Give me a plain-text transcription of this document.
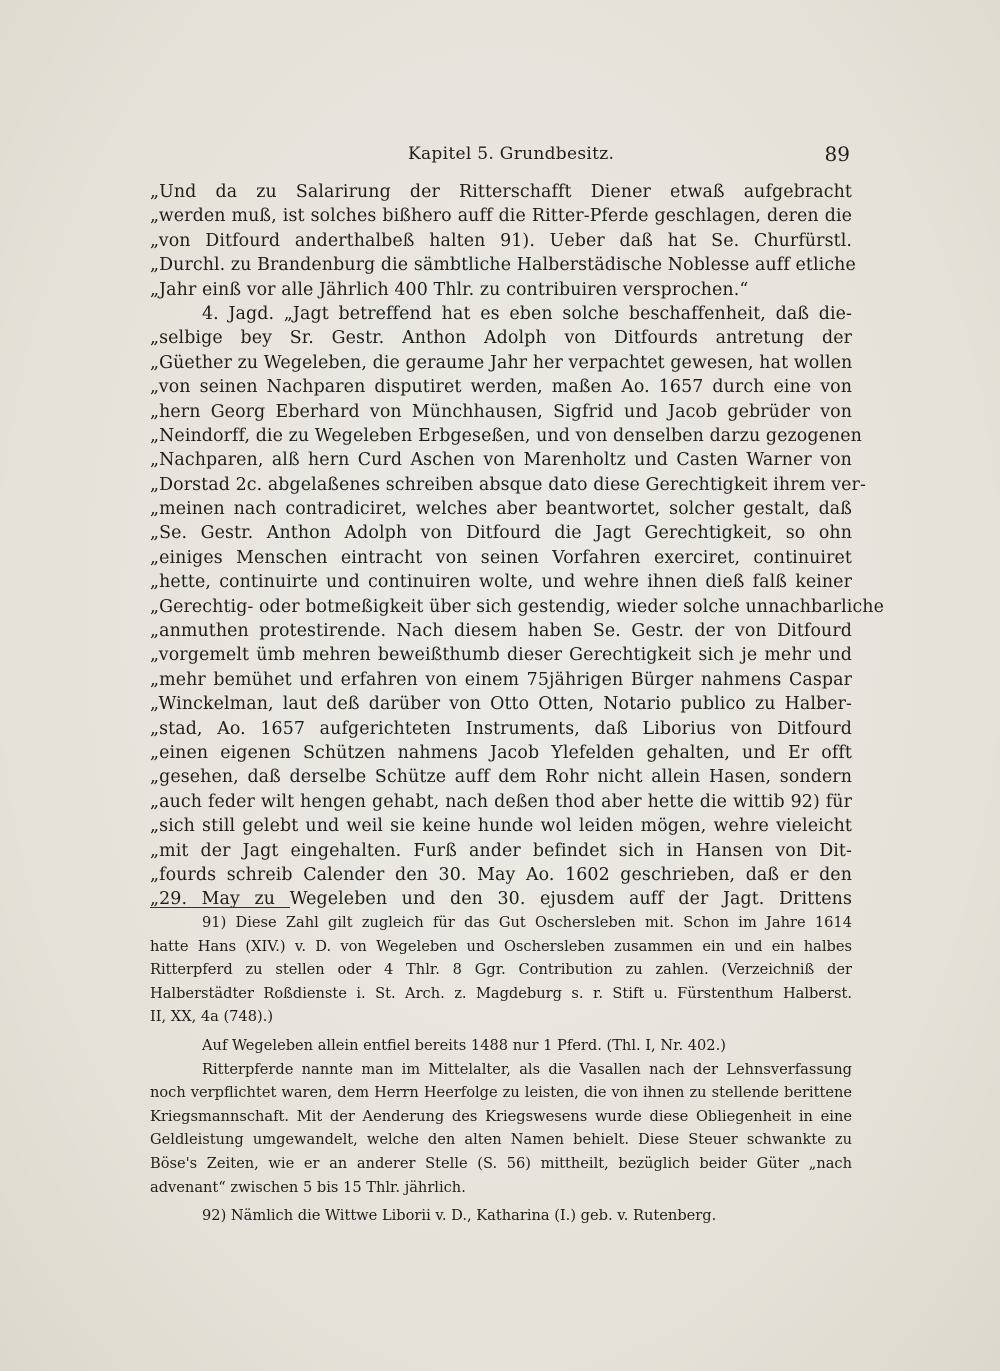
Kapitel 5. Grundbesitz.	89
„Und da zu Salarirung der Ritterschafft Diener etwaß aufgebracht
„werden muß, ist solches bißhero auff die Ritter-Pferde geschlagen, deren die
„von Ditfourd anderthalbeß halten 91). Ueber daß hat Se. Churfürstl.
„Durchl. zu Brandenburg die sämbtliche Halberstädische Noblesse auff etliche
„Jahr einß vor alle Jährlich 400 Thlr. zu contribuiren versprochen.“
4. Jagd. „Jagt betreffend hat es eben solche beschaffenheit, daß die-
„selbige bey Sr. Gestr. Anthon Adolph von Ditfourds antretung der
„Güether zu Wegeleben, die geraume Jahr her verpachtet gewesen, hat wollen
„von seinen Nachparen disputiret werden, maßen Ao. 1657 durch eine von
„hern Georg Eberhard von Münchhausen, Sigfrid und Jacob gebrüder von
„Neindorff, die zu Wegeleben Erbgeseßen, und von denselben darzu gezogenen
„Nachparen, alß hern Curd Aschen von Marenholtz und Casten Warner von
„Dorstad 2c. abgelaßenes schreiben absque dato diese Gerechtigkeit ihrem ver-
„meinen nach contradiciret, welches aber beantwortet, solcher gestalt, daß
„Se. Gestr. Anthon Adolph von Ditfourd die Jagt Gerechtigkeit, so ohn
„einiges Menschen eintracht von seinen Vorfahren exerciret, continuiret
„hette, continuirte und continuiren wolte, und wehre ihnen dieß falß keiner
„Gerechtig- oder botmeßigkeit über sich gestendig, wieder solche unnachbarliche
„anmuthen protestirende. Nach diesem haben Se. Gestr. der von Ditfourd
„vorgemelt ümb mehren beweißthumb dieser Gerechtigkeit sich je mehr und
„mehr bemühet und erfahren von einem 75jährigen Bürger nahmens Caspar
„Winckelman, laut deß darüber von Otto Otten, Notario publico zu Halber-
„stad, Ao. 1657 aufgerichteten Instruments, daß Liborius von Ditfourd
„einen eigenen Schützen nahmens Jacob Ylefelden gehalten, und Er offt
„gesehen, daß derselbe Schütze auff dem Rohr nicht allein Hasen, sondern
„auch feder wilt hengen gehabt, nach deßen thod aber hette die wittib 92) für
„sich still gelebt und weil sie keine hunde wol leiden mögen, wehre vieleicht
„mit der Jagt eingehalten. Furß ander befindet sich in Hansen von Dit-
„fourds schreib Calender den 30. May Ao. 1602 geschrieben, daß er den
„29. May zu Wegeleben und den 30. ejusdem auff der Jagt. Drittens
91) Diese Zahl gilt zugleich für das Gut Oschersleben mit. Schon im Jahre 1614
hatte Hans (XIV.) v. D. von Wegeleben und Oschersleben zusammen ein und ein halbes
Ritterpferd zu stellen oder 4 Thlr. 8 Ggr. Contribution zu zahlen. (Verzeichniß der
Halberstädter Roßdienste i. St. Arch. z. Magdeburg s. r. Stift u. Fürstenthum Halberst.
II, XX, 4a (748).)
Auf Wegeleben allein entfiel bereits 1488 nur 1 Pferd. (Thl. I, Nr. 402.)
Ritterpferde nannte man im Mittelalter, als die Vasallen nach der Lehnsverfassung
noch verpflichtet waren, dem Herrn Heerfolge zu leisten, die von ihnen zu stellende berittene
Kriegsmannschaft. Mit der Aenderung des Kriegswesens wurde diese Obliegenheit in eine
Geldleistung umgewandelt, welche den alten Namen behielt. Diese Steuer schwankte zu
Böse's Zeiten, wie er an anderer Stelle (S. 56) mittheilt, bezüglich beider Güter „nach
advenant“ zwischen 5 bis 15 Thlr. jährlich.
92) Nämlich die Wittwe Liborii v. D., Katharina (I.) geb. v. Rutenberg.
